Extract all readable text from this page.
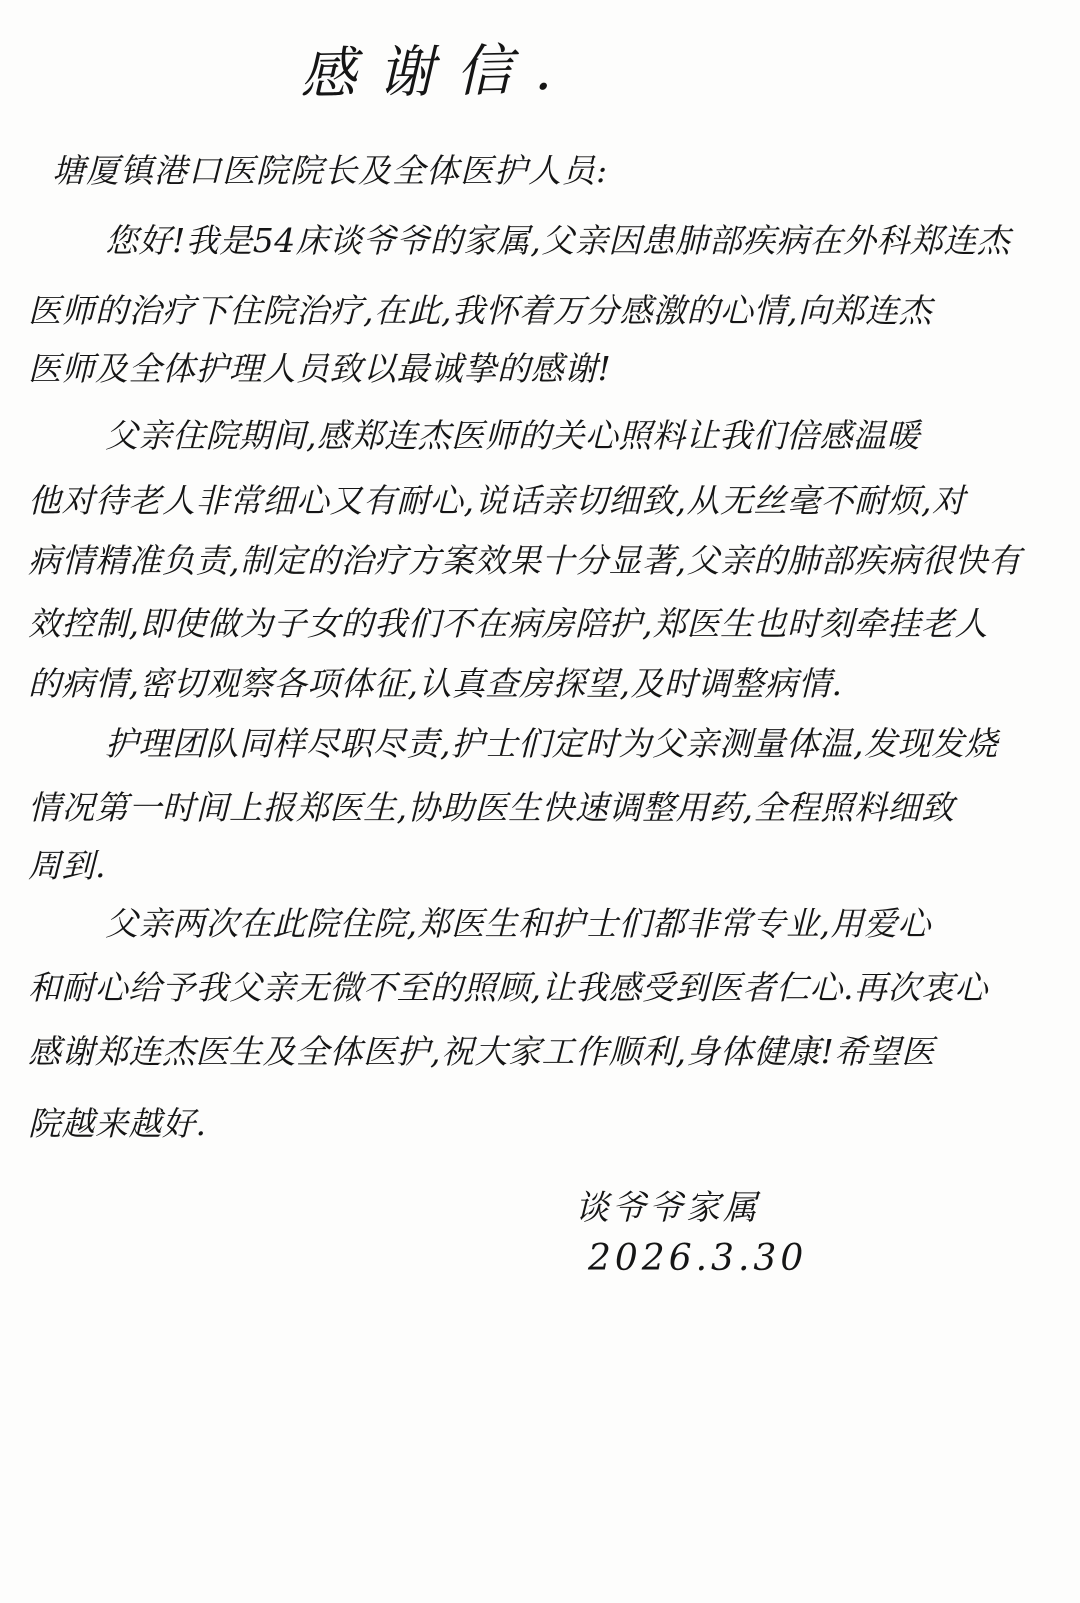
感谢信.
塘厦镇港口医院院长及全体医护人员:
您好!我是54床谈爷爷的家属,父亲因患肺部疾病在外科郑连杰
医师的治疗下住院治疗,在此,我怀着万分感激的心情,向郑连杰
医师及全体护理人员致以最诚挚的感谢!
父亲住院期间,感郑连杰医师的关心照料让我们倍感温暖
他对待老人非常细心又有耐心,说话亲切细致,从无丝毫不耐烦,对
病情精准负责,制定的治疗方案效果十分显著,父亲的肺部疾病很快有
效控制,即使做为子女的我们不在病房陪护,郑医生也时刻牵挂老人
的病情,密切观察各项体征,认真查房探望,及时调整病情.
护理团队同样尽职尽责,护士们定时为父亲测量体温,发现发烧
情况第一时间上报郑医生,协助医生快速调整用药,全程照料细致
周到.
父亲两次在此院住院,郑医生和护士们都非常专业,用爱心
和耐心给予我父亲无微不至的照顾,让我感受到医者仁心.再次衷心
感谢郑连杰医生及全体医护,祝大家工作顺利,身体健康!希望医
院越来越好.
谈爷爷家属
2026.3.30
